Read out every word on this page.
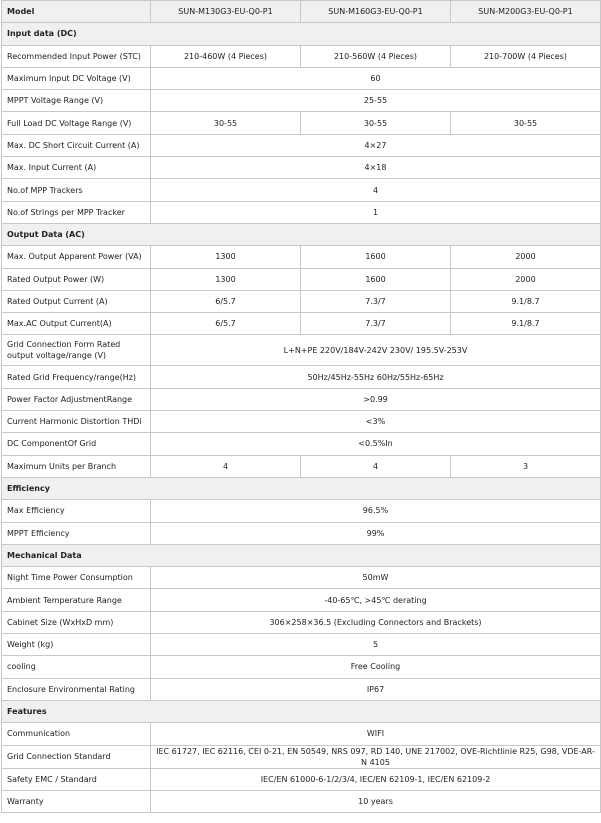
Model	SUN-M130G3-EU-Q0-P1	SUN-M160G3-EU-Q0-P1	SUN-M200G3-EU-Q0-P1
Input data (DC)			
Recommended Input Power (STC)	210-460W (4 Pieces)	210-560W (4 Pieces)	210-700W (4 Pieces)
Maximum Input DC Voltage (V)	60		
MPPT Voltage Range (V)	25-55		
Full Load DC Voltage Range (V)	30-55	30-55	30-55
Max. DC Short Circuit Current (A)	4×27		
Max. Input Current (A)	4×18		
No.of MPP Trackers	4		
No.of Strings per MPP Tracker	1		
Output Data (AC)			
Max. Output Apparent Power (VA)	1300	1600	2000
Rated Output Power (W)	1300	1600	2000
Rated Output Current (A)	6/5.7	7.3/7	9.1/8.7
Max.AC Output Current(A)	6/5.7	7.3/7	9.1/8.7
Grid Connection Form Rated output voltage/range (V)	L+N+PE 220V/184V-242V 230V/ 195.5V-253V		
Rated Grid Frequency/range(Hz)	50Hz/45Hz-55Hz 60Hz/55Hz-65Hz		
Power Factor AdjustmentRange	>0.99		
Current Harmonic Distortion THDi	<3%		
DC ComponentOf Grid	<0.5%In		
Maximum Units per Branch	4	4	3
Efficiency			
Max Efficiency	96.5%		
MPPT Efficiency	99%		
Mechanical Data			
Night Time Power Consumption	50mW		
Ambient Temperature Range	-40-65℃, >45℃ derating		
Cabinet Size (WxHxD mm)	306×258×36.5 (Excluding Connectors and Brackets)		
Weight (kg)	5		
cooling	Free Cooling		
Enclosure Environmental Rating	IP67		
Features			
Communication	WIFI		
Grid Connection Standard	IEC 61727, IEC 62116, CEI 0-21, EN 50549, NRS 097, RD 140, UNE 217002, OVE-Richtlinie R25, G98, VDE-AR-N 4105		
Safety EMC / Standard	IEC/EN 61000-6-1/2/3/4, IEC/EN 62109-1, IEC/EN 62109-2		
Warranty	10 years		
